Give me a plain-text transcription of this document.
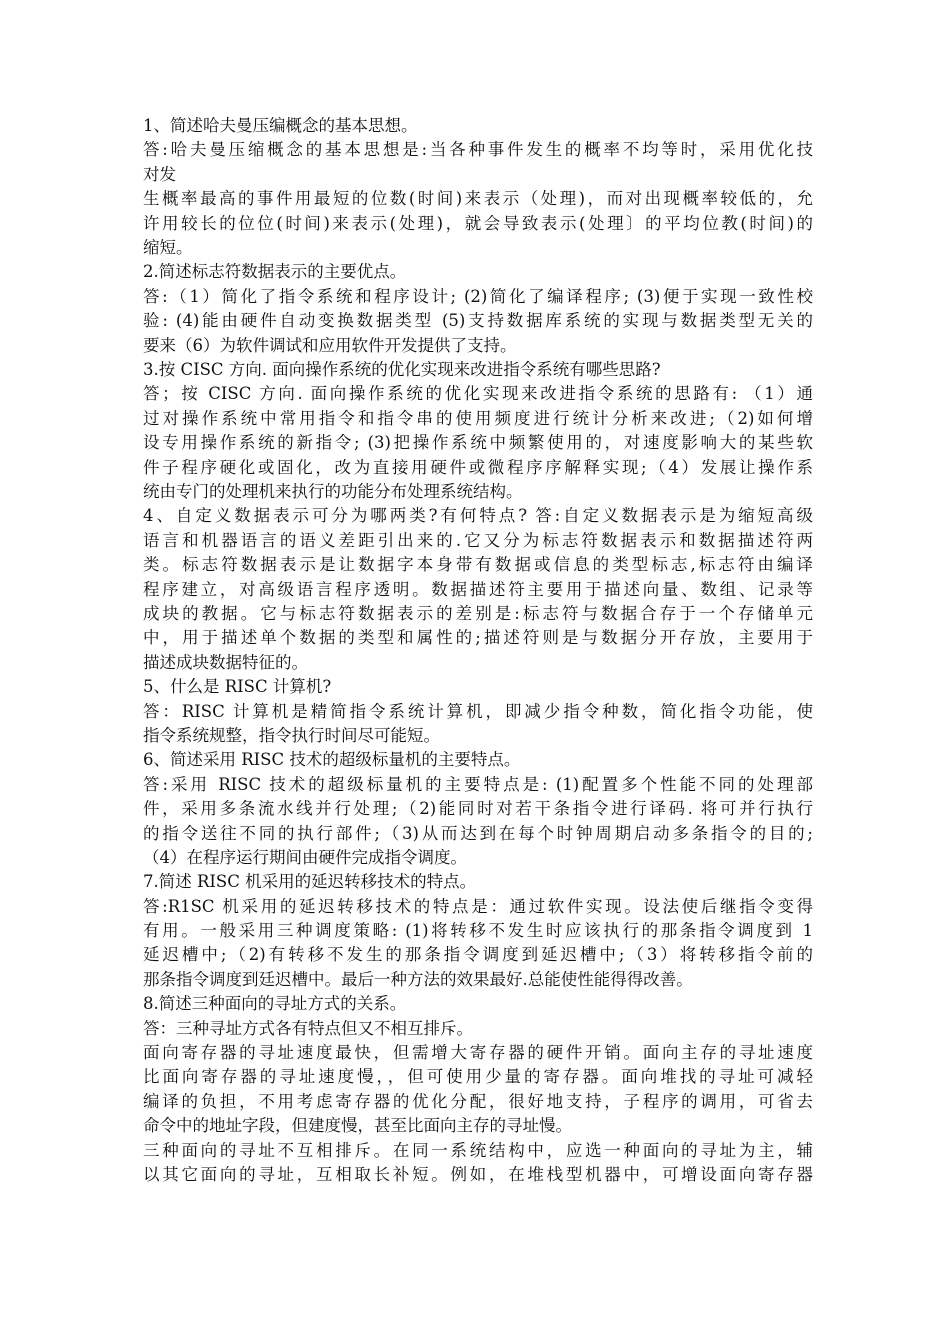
1、简述哈夫曼压编概念的基本思想。
答:哈夫曼压缩概念的基本思想是:当各种事件发生的概率不均等时，采用优化技
对发
生概率最高的事件用最短的位数(时间)来表示（处理)，而对出现概率较低的，允
许用较长的位位(时间)来表示(处理)，就会导致表示(处理〕的平均位教(时间)的
缩短。
2.简述标志符数据表示的主要优点。
答:（1）简化了指令系统和程序设计; (2)简化了编译程序; (3)便于实现一致性校
验: (4)能由硬件自动变换数据类型 (5)支持数据库系统的实现与数据类型无关的
要来（6）为软件调试和应用软件开发提供了支持。
3.按 CISC 方向. 面向操作系统的优化实现来改进指令系统有哪些思路?
答；按 CISC 方向. 面向操作系统的优化实现来改进指令系统的思路有: （1）通
过对操作系统中常用指令和指令串的使用频度进行统计分析来改进;（2)如何增
设专用操作系统的新指令; (3)把操作系统中频繁使用的，对速度影响大的某些软
件子程序硬化或固化，改为直接用硬件或微程序序解释实现;（4）发展让操作系
统由专门的处理机来执行的功能分布处理系统结构。
4、自定义数据表示可分为哪两类?有何特点? 答:自定义数据表示是为缩短高级
语言和机器语言的语义差距引出来的.它又分为标志符数据表示和数据描述符两
类。标志符数据表示是让数据字本身带有数据或信息的类型标志,标志符由编译
程序建立，对高级语言程序透明。数据描述符主要用于描述向量、数组、记录等
成块的教据。它与标志符数据表示的差别是:标志符与数据合存于一个存储单元
中，用于描述单个数据的类型和属性的;描述符则是与数据分开存放，主要用于
描述成块数据特征的。
5、什么是 RISC 计算机?
答：RISC 计算机是精简指令系统计算机，即减少指令种数，简化指令功能，使
指令系统规整，指令执行时间尽可能短。
6、简述采用 RISC 技术的超级标量机的主要特点。
答:采用 RISC 技术的超级标量机的主要特点是: (1)配置多个性能不同的处理部
件，采用多条流水线并行处理;（2)能同时对若干条指令进行译码. 将可并行执行
的指令送往不同的执行部件;（3)从而达到在每个时钟周期启动多条指令的目的;
（4）在程序运行期间由硬件完成指令调度。
7.简述 RISC 机采用的延迟转移技术的特点。
答:R1SC 机采用的延迟转移技术的特点是：通过软件实现。设法使后继指令变得
有用。一般采用三种调度策略: (1)将转移不发生时应该执行的那条指令调度到 1
延迟槽中;（2)有转移不发生的那条指令调度到延迟槽中;（3）将转移指令前的
那条指令调度到廷迟槽中。最后一种方法的效果最好.总能使性能得得改善。
8.简述三种面向的寻址方式的关系。
答：三种寻址方式各有特点但又不相互排斥。
面向寄存器的寻址速度最快，但需增大寄存器的硬件开销。面向主存的寻址速度
比面向寄存器的寻址速度慢，，但可使用少量的寄存器。面向堆找的寻址可减轻
编译的负担，不用考虑寄存器的优化分配，很好地支持，子程序的调用，可省去
命令中的地址字段，但建度慢，甚至比面向主存的寻址慢。
三种面向的寻址不互相排斥。在同一系统结构中，应选一种面向的寻址为主，辅
以其它面向的寻址，互相取长补短。例如，在堆栈型机器中，可增设面向寄存器
